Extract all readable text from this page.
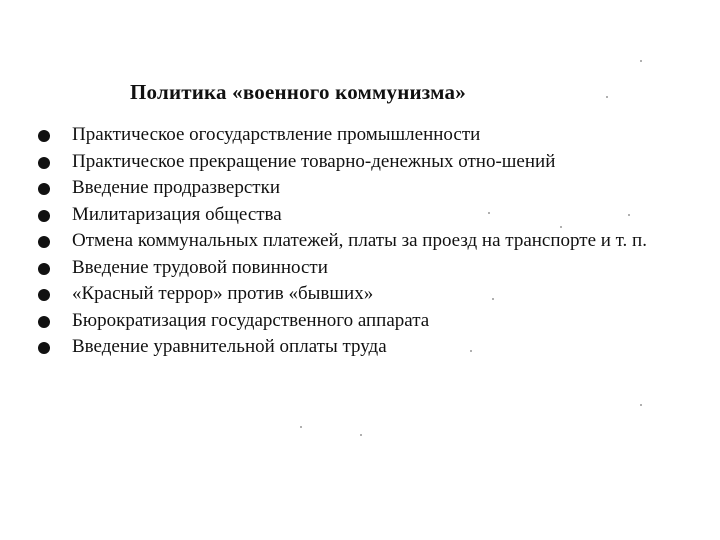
Политика «военного коммунизма»
Практическое огосударствление промышленности
Практическое прекращение товарно-денежных отно-шений
Введение продразверстки
Милитаризация общества
Отмена коммунальных платежей, платы за проезд на транспорте и т. п.
Введение трудовой повинности
«Красный террор» против «бывших»
Бюрократизация государственного аппарата
Введение уравнительной оплаты труда
